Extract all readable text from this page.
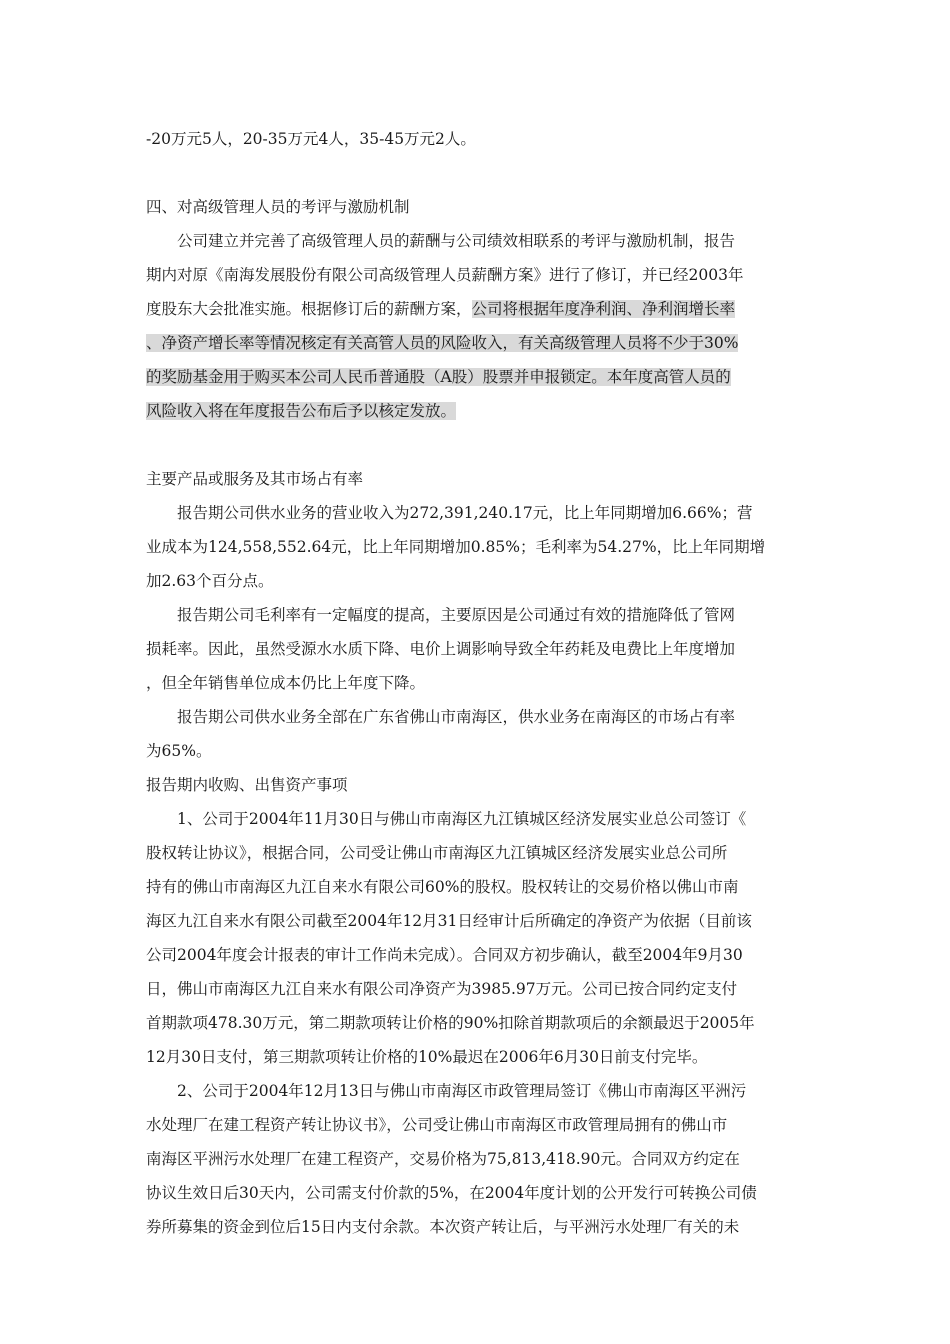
-20万元5人，20-35万元4人，35-45万元2人。
四、对高级管理人员的考评与激励机制
公司建立并完善了高级管理人员的薪酬与公司绩效相联系的考评与激励机制，报告
期内对原《南海发展股份有限公司高级管理人员薪酬方案》进行了修订，并已经2003年
度股东大会批准实施。根据修订后的薪酬方案，公司将根据年度净利润、净利润增长率
、净资产增长率等情况核定有关高管人员的风险收入，有关高级管理人员将不少于30%
的奖励基金用于购买本公司人民币普通股（A股）股票并申报锁定。本年度高管人员的
风险收入将在年度报告公布后予以核定发放。
主要产品或服务及其市场占有率
报告期公司供水业务的营业收入为272,391,240.17元，比上年同期增加6.66%；营
业成本为124,558,552.64元，比上年同期增加0.85%；毛利率为54.27%，比上年同期增
加2.63个百分点。
报告期公司毛利率有一定幅度的提高，主要原因是公司通过有效的措施降低了管网
损耗率。因此，虽然受源水水质下降、电价上调影响导致全年药耗及电费比上年度增加
，但全年销售单位成本仍比上年度下降。
报告期公司供水业务全部在广东省佛山市南海区，供水业务在南海区的市场占有率
为65%。
报告期内收购、出售资产事项
1、公司于2004年11月30日与佛山市南海区九江镇城区经济发展实业总公司签订《
股权转让协议》，根据合同，公司受让佛山市南海区九江镇城区经济发展实业总公司所
持有的佛山市南海区九江自来水有限公司60%的股权。股权转让的交易价格以佛山市南
海区九江自来水有限公司截至2004年12月31日经审计后所确定的净资产为依据（目前该
公司2004年度会计报表的审计工作尚未完成）。合同双方初步确认，截至2004年9月30
日，佛山市南海区九江自来水有限公司净资产为3985.97万元。公司已按合同约定支付
首期款项478.30万元，第二期款项转让价格的90%扣除首期款项后的余额最迟于2005年
12月30日支付，第三期款项转让价格的10%最迟在2006年6月30日前支付完毕。
2、公司于2004年12月13日与佛山市南海区市政管理局签订《佛山市南海区平洲污
水处理厂在建工程资产转让协议书》，公司受让佛山市南海区市政管理局拥有的佛山市
南海区平洲污水处理厂在建工程资产，交易价格为75,813,418.90元。合同双方约定在
协议生效日后30天内，公司需支付价款的5%，在2004年度计划的公开发行可转换公司债
券所募集的资金到位后15日内支付余款。本次资产转让后，与平洲污水处理厂有关的未
